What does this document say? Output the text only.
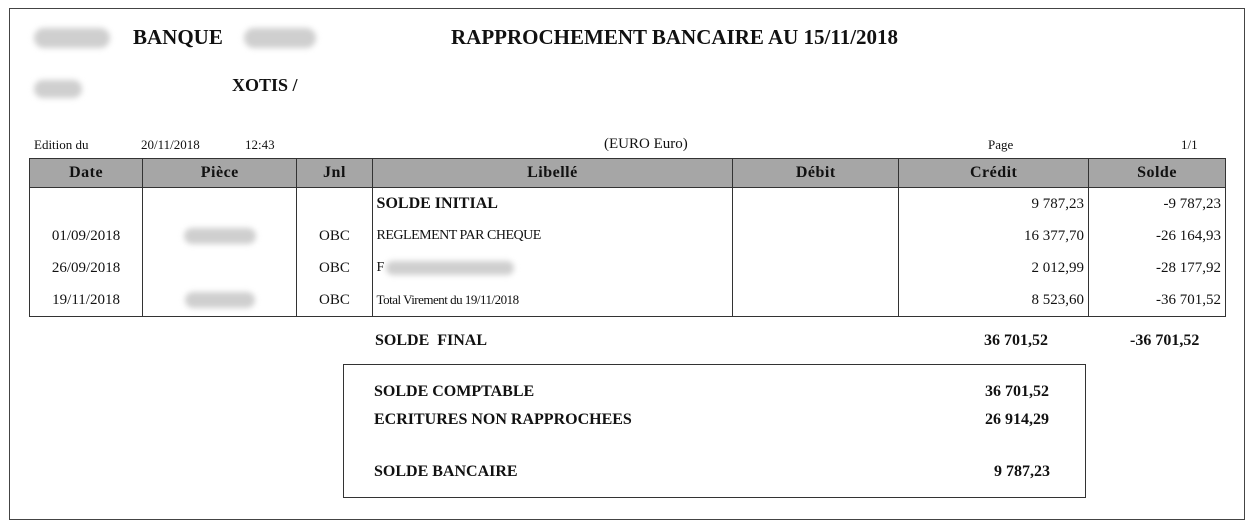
BANQUE	RAPPROCHEMENT BANCAIRE AU 15/11/2018
XOTIS /
Edition du	20/11/2018	12:43	(EURO Euro)	Page	1/1
Date	Pièce	Jnl	Libellé	Débit	Crédit	Solde
			SOLDE INITIAL		9 787,23	-9 787,23
01/09/2018		OBC	REGLEMENT PAR CHEQUE		16 377,70	-26 164,93
26/09/2018		OBC	F		2 012,99	-28 177,92
19/11/2018		OBC	Total Virement du 19/11/2018		8 523,60	-36 701,52
SOLDE  FINAL	36 701,52	-36 701,52
SOLDE COMPTABLE	36 701,52
ECRITURES NON RAPPROCHEES	26 914,29
SOLDE BANCAIRE	9 787,23
